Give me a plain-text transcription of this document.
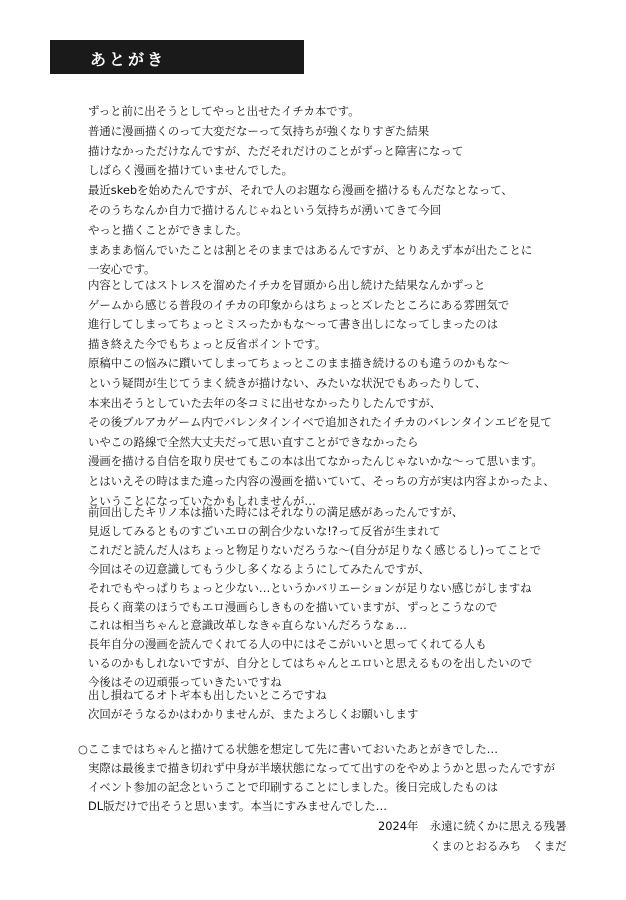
あとがき
ずっと前に出そうとしてやっと出せたイチカ本です。
普通に漫画描くのって大変だなーって気持ちが強くなりすぎた結果
描けなかっただけなんですが、ただそれだけのことがずっと障害になって
しばらく漫画を描けていませんでした。
最近skebを始めたんですが、それで人のお題なら漫画を描けるもんだなとなって、
そのうちなんか自力で描けるんじゃねという気持ちが湧いてきて今回
やっと描くことができました。
まあまあ悩んでいたことは割とそのままではあるんですが、とりあえず本が出たことに
一安心です。
内容としてはストレスを溜めたイチカを冒頭から出し続けた結果なんかずっと
ゲームから感じる普段のイチカの印象からはちょっとズレたところにある雰囲気で
進行してしまってちょっとミスったかもな～って書き出しになってしまったのは
描き終えた今でもちょっと反省ポイントです。
原稿中この悩みに躓いてしまってちょっとこのまま描き続けるのも違うのかもな～
という疑問が生じてうまく続きが描けない、みたいな状況でもあったりして、
本来出そうとしていた去年の冬コミに出せなかったりしたんですが、
その後ブルアカゲーム内でバレンタインイベで追加されたイチカのバレンタインエピを見て
いやこの路線で全然大丈夫だって思い直すことができなかったら
漫画を描ける自信を取り戻せてもこの本は出てなかったんじゃないかな～って思います。
とはいえその時はまた違った内容の漫画を描いていて、そっちの方が実は内容よかったよ、
ということになっていたかもしれませんが…
前回出したキリノ本は描いた時にはそれなりの満足感があったんですが、
見返してみるとものすごいエロの割合少ないな!?って反省が生まれて
これだと読んだ人はちょっと物足りないだろうな～(自分が足りなく感じるし)ってことで
今回はその辺意識してもう少し多くなるようにしてみたんですが、
それでもやっぱりちょっと少ない…というかバリエーションが足りない感じがしますね
長らく商業のほうでもエロ漫画らしきものを描いていますが、ずっとこうなので
これは相当ちゃんと意識改革しなきゃ直らないんだろうなぁ…
長年自分の漫画を読んでくれてる人の中にはそこがいいと思ってくれてる人も
いるのかもしれないですが、自分としてはちゃんとエロいと思えるものを出したいので
今後はその辺頑張っていきたいですね
出し損ねてるオトギ本も出したいところですね
次回がそうなるかはわかりませんが、またよろしくお願いします
○ここまではちゃんと描けてる状態を想定して先に書いておいたあとがきでした…
実際は最後まで描き切れず中身が半壊状態になってて出すのをやめようかと思ったんですが
イベント参加の記念ということで印刷することにしました。後日完成したものは
DL版だけで出そうと思います。本当にすみませんでした…
2024年　永遠に続くかに思える残暑
くまのとおるみち　くまだ
